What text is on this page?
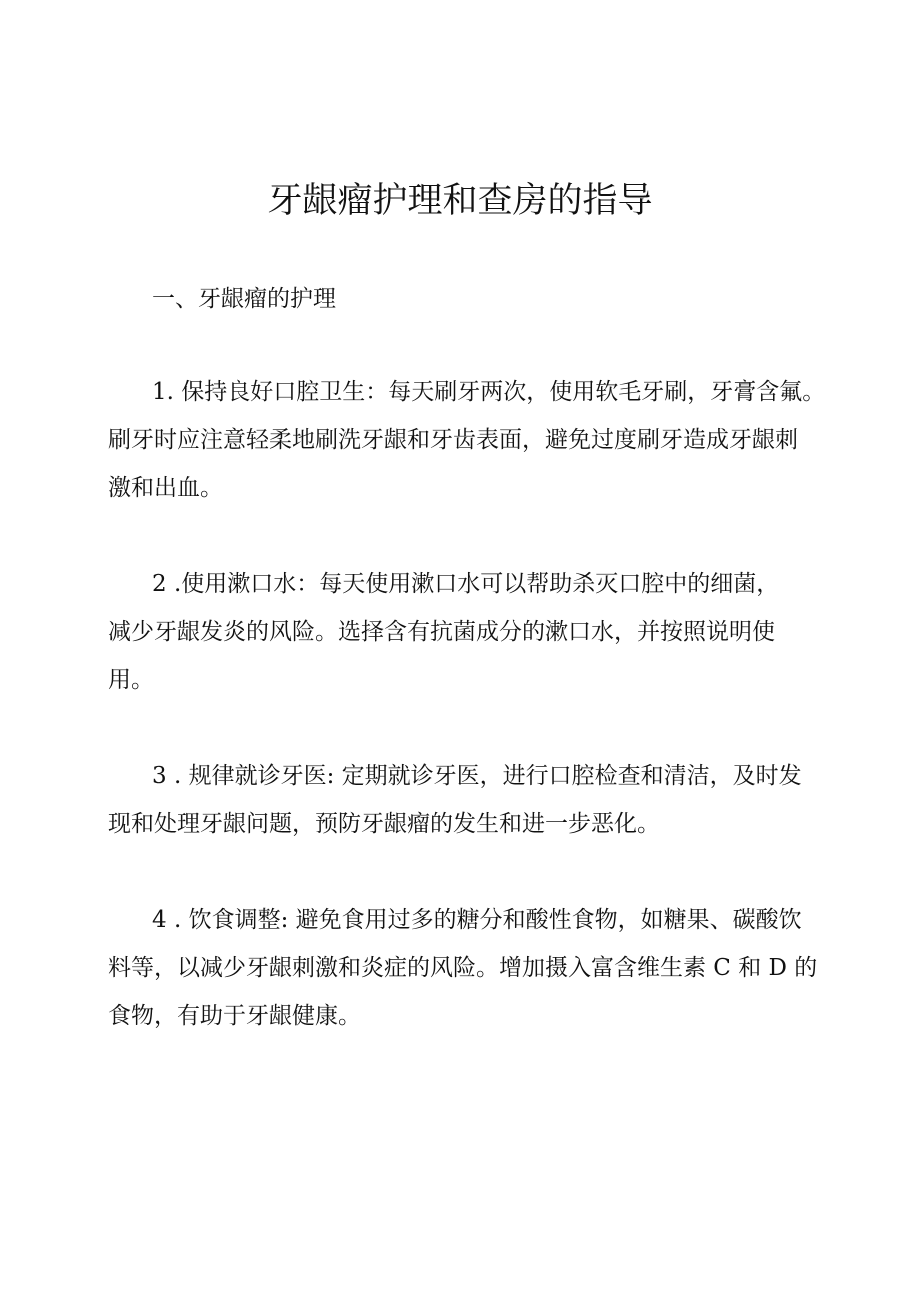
牙龈瘤护理和查房的指导
一、牙龈瘤的护理
1. 保持良好口腔卫生：每天刷牙两次，使用软毛牙刷，牙膏含氟。
刷牙时应注意轻柔地刷洗牙龈和牙齿表面，避免过度刷牙造成牙龈刺
激和出血。
2 .使用漱口水：每天使用漱口水可以帮助杀灭口腔中的细菌，
减少牙龈发炎的风险。选择含有抗菌成分的漱口水，并按照说明使
用。
3 . 规律就诊牙医: 定期就诊牙医，进行口腔检查和清洁，及时发
现和处理牙龈问题，预防牙龈瘤的发生和进一步恶化。
4 . 饮食调整: 避免食用过多的糖分和酸性食物，如糖果、碳酸饮
料等，以减少牙龈刺激和炎症的风险。增加摄入富含维生素 C 和 D 的
食物，有助于牙龈健康。
